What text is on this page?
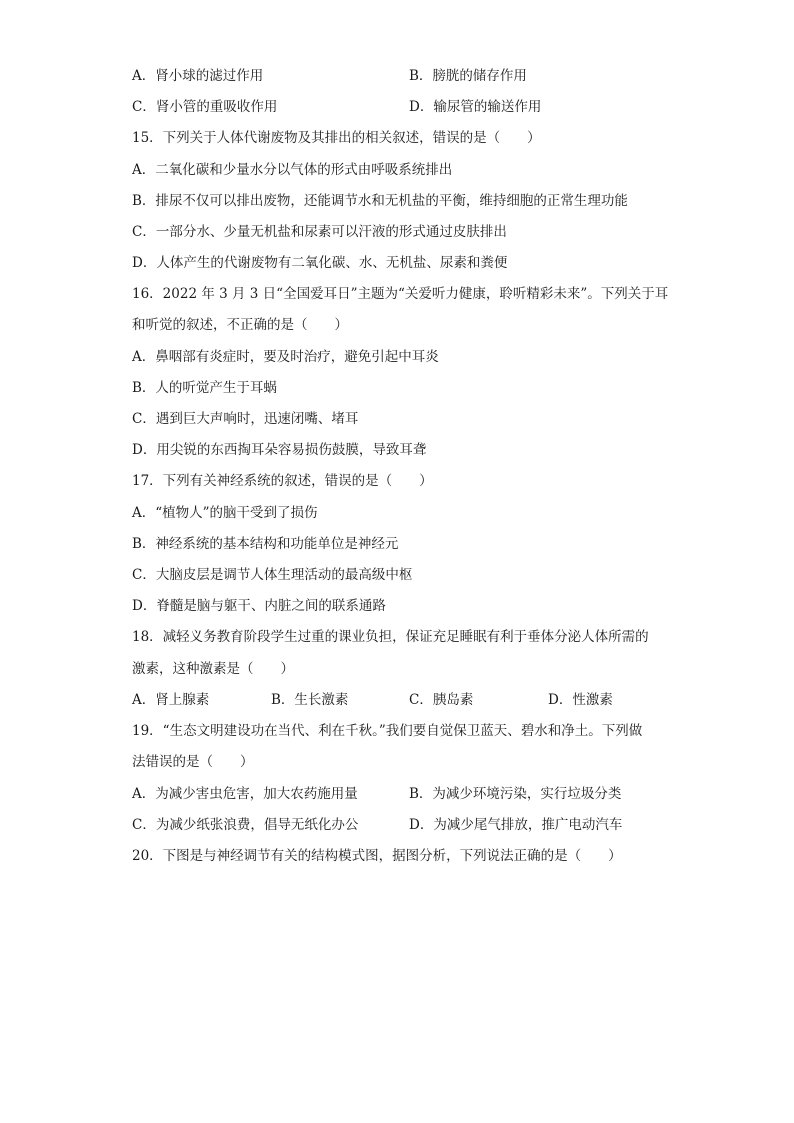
A．肾小球的滤过作用	B．膀胱的储存作用
C．肾小管的重吸收作用	D．输尿管的输送作用
15．下列关于人体代谢废物及其排出的相关叙述，错误的是（　　）
A．二氧化碳和少量水分以气体的形式由呼吸系统排出
B．排尿不仅可以排出废物，还能调节水和无机盐的平衡，维持细胞的正常生理功能
C．一部分水、少量无机盐和尿素可以汗液的形式通过皮肤排出
D．人体产生的代谢废物有二氧化碳、水、无机盐、尿素和粪便
16．2022 年 3 月 3 日“全国爱耳日”主题为“关爱听力健康，聆听精彩未来”。下列关于耳
和听觉的叙述，不正确的是（　　）
A．鼻咽部有炎症时，要及时治疗，避免引起中耳炎
B．人的听觉产生于耳蜗
C．遇到巨大声响时，迅速闭嘴、堵耳
D．用尖锐的东西掏耳朵容易损伤鼓膜，导致耳聋
17．下列有关神经系统的叙述，错误的是（　　）
A．“植物人”的脑干受到了损伤
B．神经系统的基本结构和功能单位是神经元
C．大脑皮层是调节人体生理活动的最高级中枢
D．脊髓是脑与躯干、内脏之间的联系通路
18．减轻义务教育阶段学生过重的课业负担，保证充足睡眠有利于垂体分泌人体所需的
激素，这种激素是（　　）
A．肾上腺素	B．生长激素	C．胰岛素	D．性激素
19．“生态文明建设功在当代、利在千秋。”我们要自觉保卫蓝天、碧水和净土。下列做
法错误的是（　　）
A．为减少害虫危害，加大农药施用量	B．为减少环境污染，实行垃圾分类
C．为减少纸张浪费，倡导无纸化办公	D．为减少尾气排放，推广电动汽车
20．下图是与神经调节有关的结构模式图，据图分析，下列说法正确的是（　　）
